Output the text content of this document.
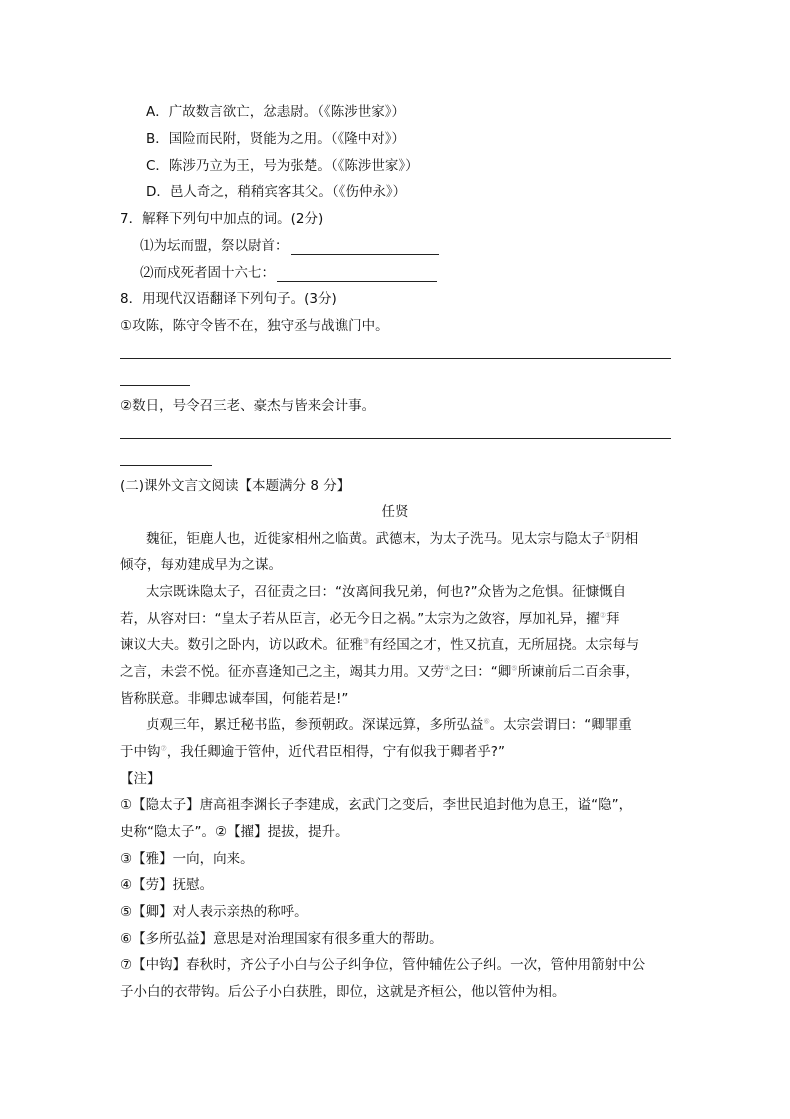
A．广故数言欲亡，忿恚尉。（《陈涉世家》）
B．国险而民附，贤能为之用。（《隆中对》）
C．陈涉乃立为王，号为张楚。（《陈涉世家》）
D．邑人奇之，稍稍宾客其父。（《伤仲永》）
7．解释下列句中加点的词。(2分)
⑴为坛而盟，祭以尉首：
⑵而戍死者固十六七：
8．用现代汉语翻译下列句子。(3分)
①攻陈，陈守令皆不在，独守丞与战谯门中。
②数日，号令召三老、豪杰与皆来会计事。
(二)课外文言文阅读【本题满分 8 分】
任贤
魏征，钜鹿人也，近徙家相州之临黄。武德末，为太子洗马。见太宗与隐太子①阴相
倾夺，每劝建成早为之谋。
太宗既诛隐太子，召征责之曰：“汝离间我兄弟，何也?”众皆为之危惧。征慷慨自
若，从容对曰：“皇太子若从臣言，必无今日之祸。”太宗为之敛容，厚加礼异，擢②拜
谏议大夫。数引之卧内，访以政术。征雅③有经国之才，性又抗直，无所屈挠。太宗每与
之言，未尝不悦。征亦喜逢知己之主，竭其力用。又劳④之曰：“卿⑤所谏前后二百余事，
皆称朕意。非卿忠诚奉国，何能若是!”
贞观三年，累迁秘书监，参预朝政。深谋远算，多所弘益⑥。太宗尝谓曰：“卿罪重
于中钩⑦，我任卿逾于管仲，近代君臣相得，宁有似我于卿者乎?”
【注】
①【隐太子】唐高祖李渊长子李建成，玄武门之变后，李世民追封他为息王，谥“隐”，
史称“隐太子”。②【擢】提拔，提升。
③【雅】一向，向来。
④【劳】抚慰。
⑤【卿】对人表示亲热的称呼。
⑥【多所弘益】意思是对治理国家有很多重大的帮助。
⑦【中钩】春秋时，齐公子小白与公子纠争位，管仲辅佐公子纠。一次，管仲用箭射中公
子小白的衣带钩。后公子小白获胜，即位，这就是齐桓公，他以管仲为相。
